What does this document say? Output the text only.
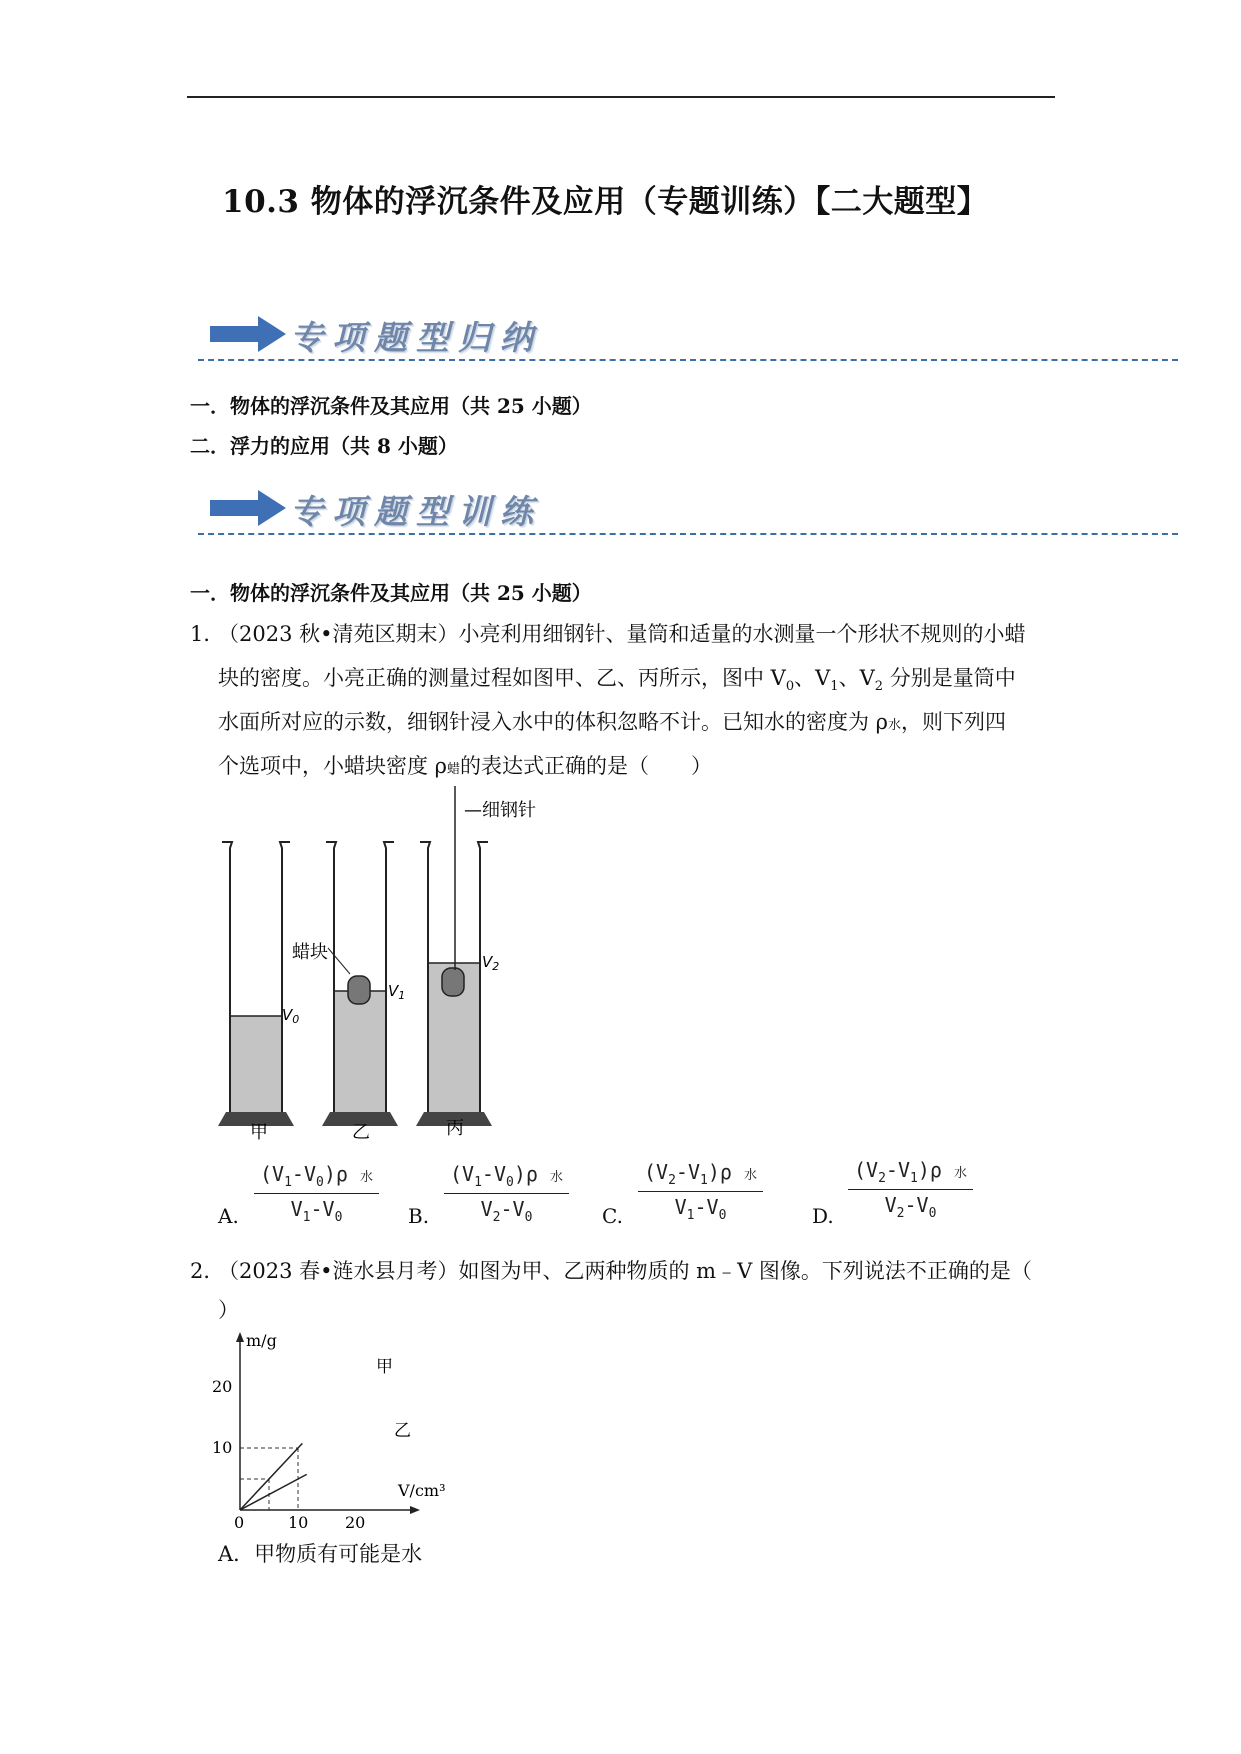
10.3 物体的浮沉条件及应用（专题训练）【二大题型】
专项题型归纳
一．物体的浮沉条件及其应用（共 25 小题）
二．浮力的应用（共 8 小题）
专项题型训练
一．物体的浮沉条件及其应用（共 25 小题）
1．
（2023 秋•清苑区期末）小亮利用细钢针、量筒和适量的水测量一个形状不规则的小蜡
块的密度。小亮正确的测量过程如图甲、乙、丙所示，图中 $V_0$、$V_1$、$V_2$ 分别是量筒中
水面所对应的示数，细钢针浸入水中的体积忽略不计。已知水的密度为 ρ水，则下列四
个选项中，小蜡块密度 ρ蜡的表达式正确的是（　　）
$V_0$
甲
蜡块
$V_1$
乙
$V_2$
丙
—细钢针
A.
$(V_1-V_0)\rho$ 水
$V_1-V_0$	B.
$(V_1-V_0)\rho$ 水
$V_2-V_0$	C.
$(V_2-V_1)\rho$ 水
$V_1-V_0$	D.
$(V_2-V_1)\rho$ 水
$V_2-V_0$
2．
（2023 春•涟水县月考）如图为甲、乙两种物质的 m﹣V 图像。下列说法不正确的是（
）
m/g
V/cm³
0
10
20
10 20
甲
乙
A．甲物质有可能是水
